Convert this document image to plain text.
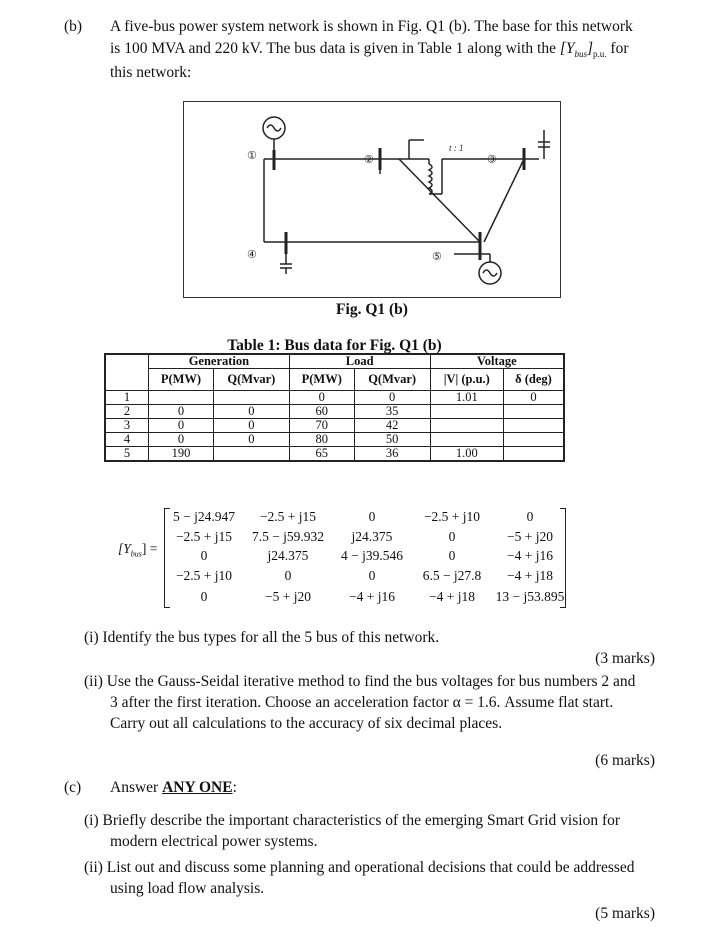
(b) A five-bus power system network is shown in Fig. Q1 (b). The base for this network
is 100 MVA and 220 kV. The bus data is given in Table 1 along with the $[Y_{bus}]_{p.u.}$ for
this network:
①	②	③
④	⑤
t : 1
Fig. Q1 (b)
Table 1: Bus data for Fig. Q1 (b)
	Generation		Load		Voltage	
	P(MW)	Q(Mvar)	P(MW)	Q(Mvar)	|V| (p.u.)	δ (deg)
1			0	0	1.01	0
2	0	0	60	35		
3	0	0	70	42		
4	0	0	80	50		
5	190		65	36	1.00	
$[Y_{bus}]$ =
5 − j24.947	−2.5 + j15	0	−2.5 + j10	0
−2.5 + j15	7.5 − j59.932	j24.375	0	−5 + j20
0	j24.375	4 − j39.546	0	−4 + j16
−2.5 + j10	0	0	6.5 − j27.8	−4 + j18
0	−5 + j20	−4 + j16	−4 + j18	13 − j53.895
(i) Identify the bus types for all the 5 bus of this network.
(3 marks)
(ii) Use the Gauss-Seidal iterative method to find the bus voltages for bus numbers 2 and
3 after the first iteration. Choose an acceleration factor α = 1.6. Assume flat start.
Carry out all calculations to the accuracy of six decimal places.
(6 marks)
(c) Answer ANY ONE:
(i) Briefly describe the important characteristics of the emerging Smart Grid vision for
modern electrical power systems.
(ii) List out and discuss some planning and operational decisions that could be addressed
using load flow analysis.
(5 marks)
